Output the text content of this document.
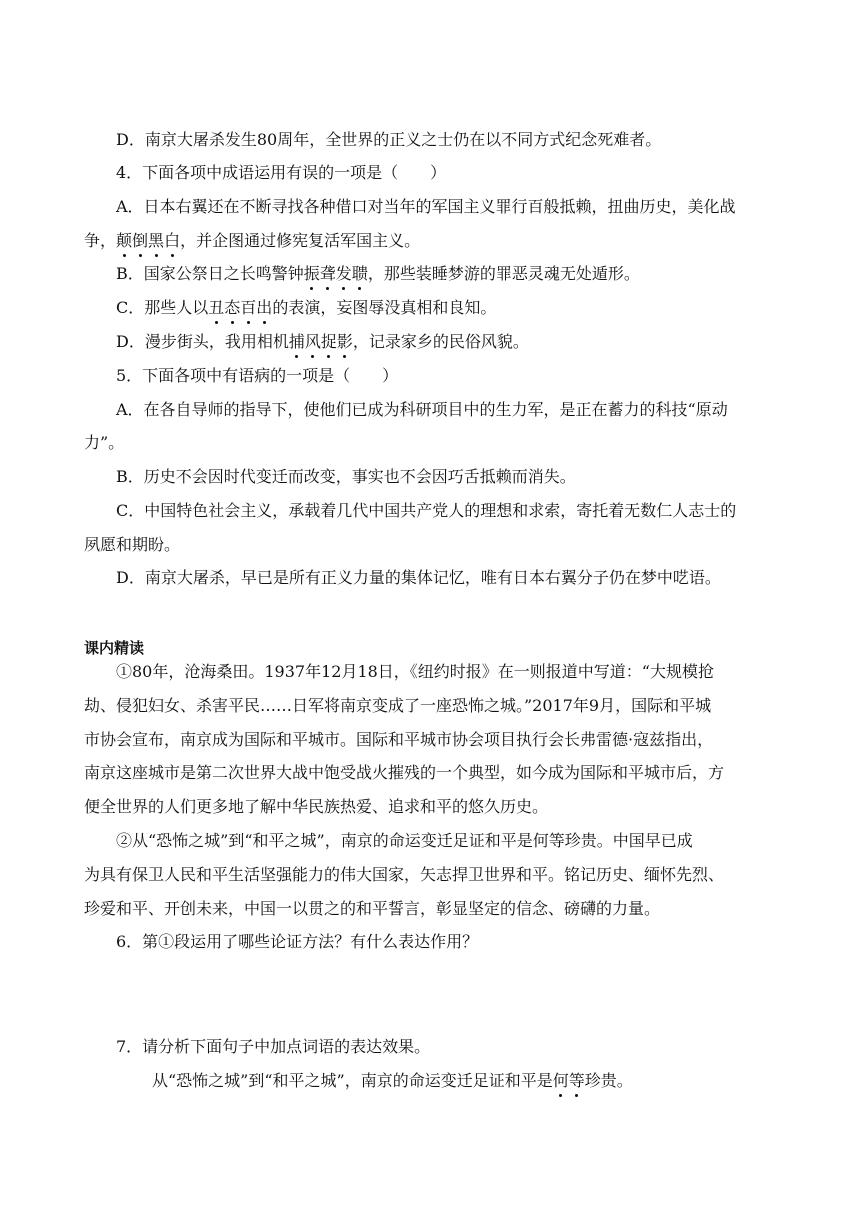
D．南京大屠杀发生80周年，全世界的正义之士仍在以不同方式纪念死难者。

4．下面各项中成语运用有误的一项是（　　）

A．日本右翼还在不断寻找各种借口对当年的军国主义罪行百般抵赖，扭曲历史，美化战

争，颠倒黑白，并企图通过修宪复活军国主义。

B．国家公祭日之长鸣警钟振聋发聩，那些装睡梦游的罪恶灵魂无处遁形。

C．那些人以丑态百出的表演，妄图辱没真相和良知。

D．漫步街头，我用相机捕风捉影，记录家乡的民俗风貌。

5．下面各项中有语病的一项是（　　）

A．在各自导师的指导下，使他们已成为科研项目中的生力军，是正在蓄力的科技“原动

力”。

B．历史不会因时代变迁而改变，事实也不会因巧舌抵赖而消失。

C．中国特色社会主义，承载着几代中国共产党人的理想和求索，寄托着无数仁人志士的

夙愿和期盼。

D．南京大屠杀，早已是所有正义力量的集体记忆，唯有日本右翼分子仍在梦中呓语。

课内精读

①80年，沧海桑田。1937年12月18日，《纽约时报》在一则报道中写道：“大规模抢

劫、侵犯妇女、杀害平民……日军将南京变成了一座恐怖之城。”2017年9月，国际和平城

市协会宣布，南京成为国际和平城市。国际和平城市协会项目执行会长弗雷德·寇兹指出，

南京这座城市是第二次世界大战中饱受战火摧残的一个典型，如今成为国际和平城市后，方

便全世界的人们更多地了解中华民族热爱、追求和平的悠久历史。

②从“恐怖之城”到“和平之城”，南京的命运变迁足证和平是何等珍贵。中国早已成

为具有保卫人民和平生活坚强能力的伟大国家，矢志捍卫世界和平。铭记历史、缅怀先烈、

珍爱和平、开创未来，中国一以贯之的和平誓言，彰显坚定的信念、磅礴的力量。

6．第①段运用了哪些论证方法？有什么表达作用？

7．请分析下面句子中加点词语的表达效果。

从“恐怖之城”到“和平之城”，南京的命运变迁足证和平是何等珍贵。
